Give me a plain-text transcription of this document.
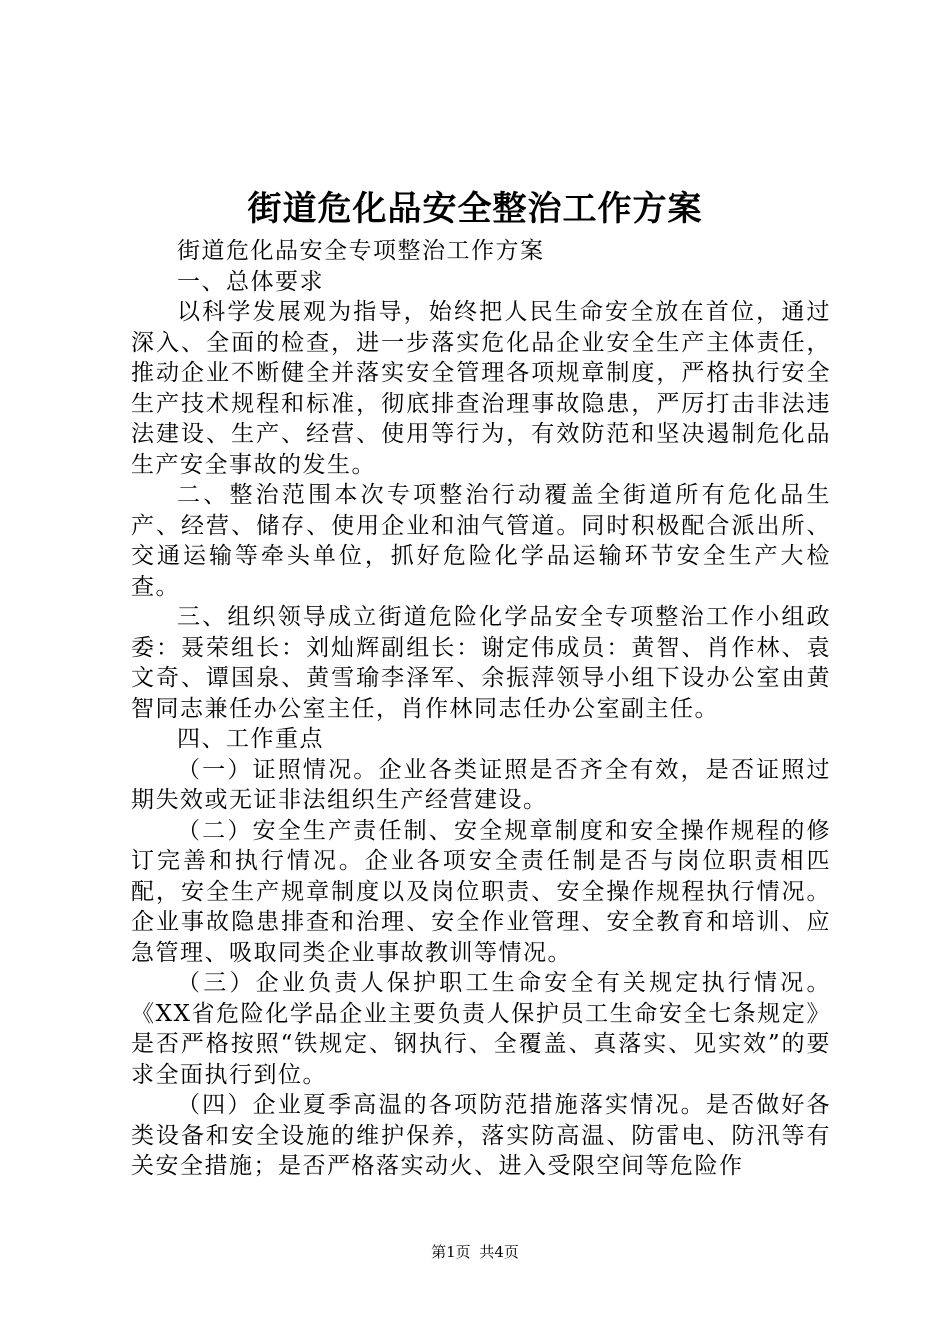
街道危化品安全整治工作方案

街道危化品安全专项整治工作方案

一、总体要求

以科学发展观为指导，始终把人民生命安全放在首位，通过深入、全面的检查，进一步落实危化品企业安全生产主体责任，推动企业不断健全并落实安全管理各项规章制度，严格执行安全生产技术规程和标准，彻底排查治理事故隐患，严厉打击非法违法建设、生产、经营、使用等行为，有效防范和坚决遏制危化品生产安全事故的发生。

二、整治范围本次专项整治行动覆盖全街道所有危化品生产、经营、储存、使用企业和油气管道。同时积极配合派出所、交通运输等牵头单位，抓好危险化学品运输环节安全生产大检查。

三、组织领导成立街道危险化学品安全专项整治工作小组政委：聂荣组长：刘灿辉副组长：谢定伟成员：黄智、肖作林、袁文奇、谭国泉、黄雪瑜李泽军、余振萍领导小组下设办公室由黄智同志兼任办公室主任，肖作林同志任办公室副主任。

四、工作重点

（一）证照情况。企业各类证照是否齐全有效，是否证照过期失效或无证非法组织生产经营建设。

（二）安全生产责任制、安全规章制度和安全操作规程的修订完善和执行情况。企业各项安全责任制是否与岗位职责相匹配，安全生产规章制度以及岗位职责、安全操作规程执行情况。企业事故隐患排查和治理、安全作业管理、安全教育和培训、应急管理、吸取同类企业事故教训等情况。

（三）企业负责人保护职工生命安全有关规定执行情况。《XX省危险化学品企业主要负责人保护员工生命安全七条规定》是否严格按照“铁规定、钢执行、全覆盖、真落实、见实效”的要求全面执行到位。

（四）企业夏季高温的各项防范措施落实情况。是否做好各类设备和安全设施的维护保养，落实防高温、防雷电、防汛等有关安全措施；是否严格落实动火、进入受限空间等危险作

第1页 共4页
